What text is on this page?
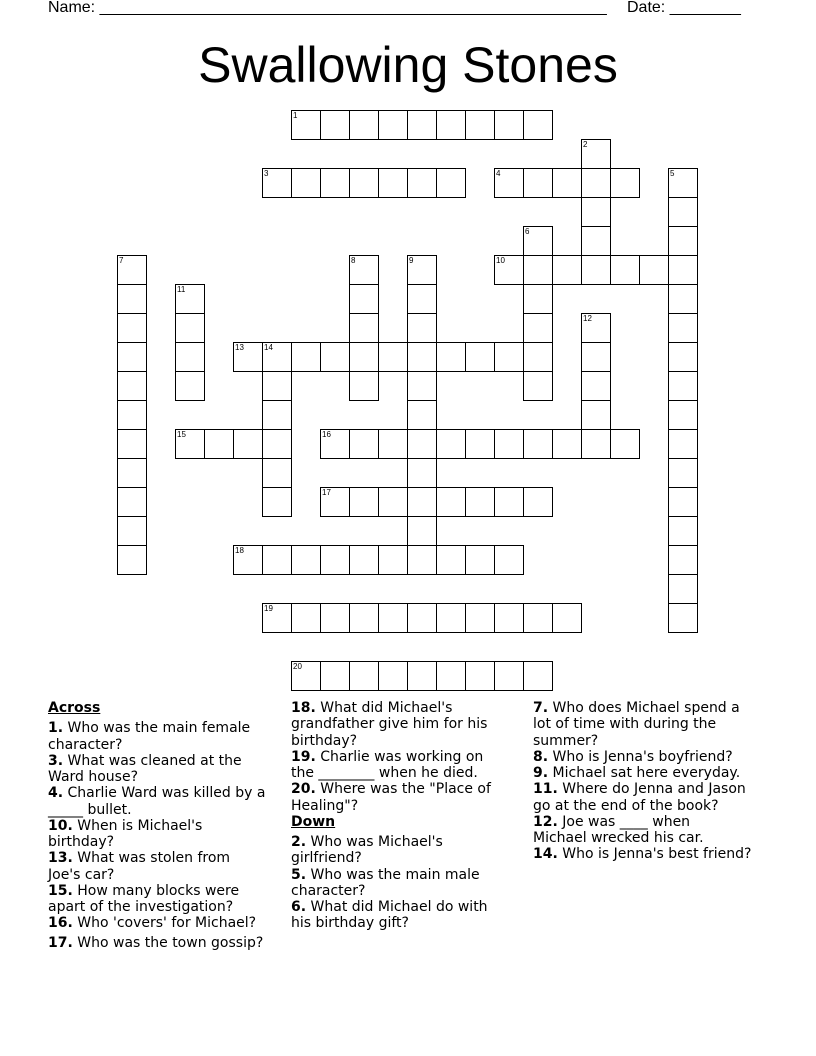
Name: _________________________________________________________ Date: ________
Swallowing Stones
1
3	4
10
13	14
15	16
17
18
19
20
2
5
6
7	8	9
11
12
Across
1 . Who was the main female character?
3 . What was cleaned at the Ward house?
4 . Charlie Ward was killed by a _____ bullet.
10 . When is Michael's birthday?
13 . What was stolen from Joe's car?
15 . How many blocks were apart of the investigation?
16 . Who 'covers' for Michael?
17 . Who was the town gossip?
18 . What did Michael's grandfather give him for his birthday?
19 . Charlie was working on the ________ when he died.
20 . Where was the "Place of Healing"?
Down
2 . Who was Michael's girlfriend?
5 . Who was the main male character?
6 . What did Michael do with his birthday gift?
7 . Who does Michael spend a lot of time with during the summer?
8 . Who is Jenna's boyfriend?
9 . Michael sat here everyday.
11 . Where do Jenna and Jason go at the end of the book?
12 . Joe was ____ when Michael wrecked his car.
14 . Who is Jenna's best friend?
